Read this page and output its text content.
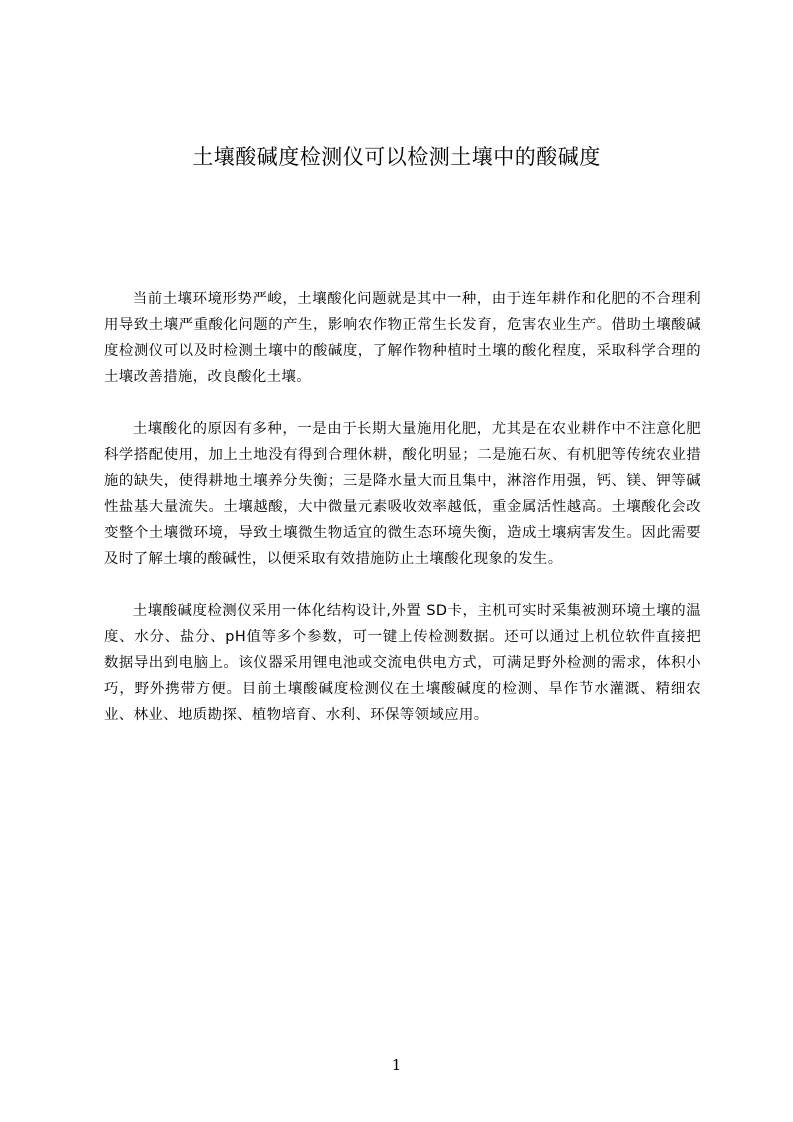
土壤酸碱度检测仪可以检测土壤中的酸碱度

当前土壤环境形势严峻，土壤酸化问题就是其中一种，由于连年耕作和化肥的不合理利用导致土壤严重酸化问题的产生，影响农作物正常生长发育，危害农业生产。借助土壤酸碱度检测仪可以及时检测土壤中的酸碱度，了解作物种植时土壤的酸化程度，采取科学合理的土壤改善措施，改良酸化土壤。

土壤酸化的原因有多种，一是由于长期大量施用化肥，尤其是在农业耕作中不注意化肥科学搭配使用，加上土地没有得到合理休耕，酸化明显；二是施石灰、有机肥等传统农业措施的缺失，使得耕地土壤养分失衡；三是降水量大而且集中，淋溶作用强，钙、镁、钾等碱性盐基大量流失。土壤越酸，大中微量元素吸收效率越低，重金属活性越高。土壤酸化会改变整个土壤微环境，导致土壤微生物适宜的微生态环境失衡，造成土壤病害发生。因此需要及时了解土壤的酸碱性，以便采取有效措施防止土壤酸化现象的发生。

土壤酸碱度检测仪采用一体化结构设计,外置 SD卡，主机可实时采集被测环境土壤的温度、水分、盐分、pH值等多个参数，可一键上传检测数据。还可以通过上机位软件直接把数据导出到电脑上。该仪器采用锂电池或交流电供电方式，可满足野外检测的需求，体积小巧，野外携带方便。目前土壤酸碱度检测仪在土壤酸碱度的检测、旱作节水灌溉、精细农业、林业、地质勘探、植物培育、水利、环保等领域应用。

1
